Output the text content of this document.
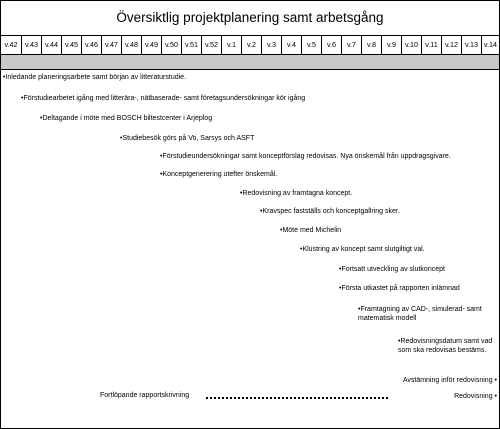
Översiktlig projektplanering samt arbetsgång
v.42	v.43 v.44 v.45 v.46 v.47 v.48 v.49 v.50 v.51 v.52	v.1	v.2	v.3	v.4	v.5	v.6	v.7	v.8	v.9	v.10	v.11	v.12 v.13 v.14
•Inledande planeringsarbete samt början av litteraturstudie.
•Förstudiearbetet igång med litterära-, nätbaserade- samt företagsundersökningar kör igång
•Deltagande i möte med BOSCH biltestcenter i Arjeplog
•Studiebesök görs på Vti, Sarsys och ASFT
•Förstudieundersökningar samt konceptförslag redovisas. Nya önskemål från uppdragsgivare.
•Konceptgenerering utefter önskemål.
•Redovisning av framtagna koncept.
•Kravspec fastställs och konceptgallring sker.
•Möte med Michelin
•Klustring av koncept samt slutgiltigt val.
•Fortsatt utveckling av slutkoncept
•Första utkastet på rapporten inlämnad
•Framtagning av CAD-, simulerad- samt matematisk modell
•Redovisningsdatum samt vad som ska redovisas bestäms.
Avstämning inför redovisning •
Fortlöpande rapportskrivning	Redovisning •
